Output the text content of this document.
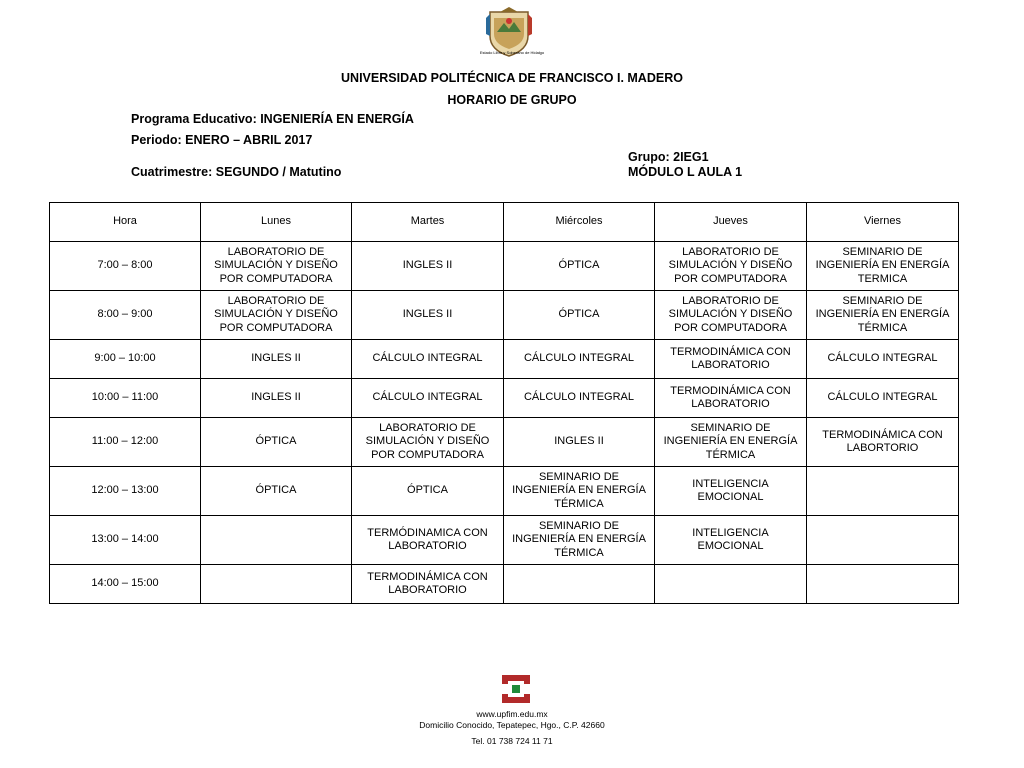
Estado Libre y Soberano de Hidalgo
UNIVERSIDAD POLITÉCNICA DE FRANCISCO I. MADERO
HORARIO DE GRUPO
Programa Educativo: INGENIERÍA EN ENERGÍA
Periodo: ENERO – ABRIL 2017
Cuatrimestre: SEGUNDO / Matutino
Grupo: 2IEG1
MÓDULO L AULA 1
Hora	Lunes	Martes	Miércoles	Jueves	Viernes
7:00 – 8:00	LABORATORIO DE SIMULACIÓN Y DISEÑO POR COMPUTADORA	INGLES II	ÓPTICA	LABORATORIO DE SIMULACIÓN Y DISEÑO POR COMPUTADORA	SEMINARIO DE INGENIERÍA EN ENERGÍA TERMICA
8:00 – 9:00	LABORATORIO DE SIMULACIÓN Y DISEÑO POR COMPUTADORA	INGLES II	ÓPTICA	LABORATORIO DE SIMULACIÓN Y DISEÑO POR COMPUTADORA	SEMINARIO DE INGENIERÍA EN ENERGÍA TÉRMICA
9:00 – 10:00	INGLES II	CÁLCULO INTEGRAL	CÁLCULO INTEGRAL	TERMODINÁMICA CON LABORATORIO	CÁLCULO INTEGRAL
10:00 – 11:00	INGLES II	CÁLCULO INTEGRAL	CÁLCULO INTEGRAL	TERMODINÁMICA CON LABORATORIO	CÁLCULO INTEGRAL
11:00 – 12:00	ÓPTICA	LABORATORIO DE SIMULACIÓN Y DISEÑO POR COMPUTADORA	INGLES II	SEMINARIO DE INGENIERÍA EN ENERGÍA TÉRMICA	TERMODINÁMICA CON LABORTORIO
12:00 – 13:00	ÓPTICA	ÓPTICA	SEMINARIO DE INGENIERÍA EN ENERGÍA TÉRMICA	INTELIGENCIA EMOCIONAL	
13:00 – 14:00		TERMÓDINAMICA CON LABORATORIO	SEMINARIO DE INGENIERÍA EN ENERGÍA TÉRMICA	INTELIGENCIA EMOCIONAL	
14:00 – 15:00		TERMODINÁMICA CON LABORATORIO			
www.upfim.edu.mx
Domicilio Conocido, Tepatepec, Hgo., C.P. 42660
Tel. 01 738 724 11 71
